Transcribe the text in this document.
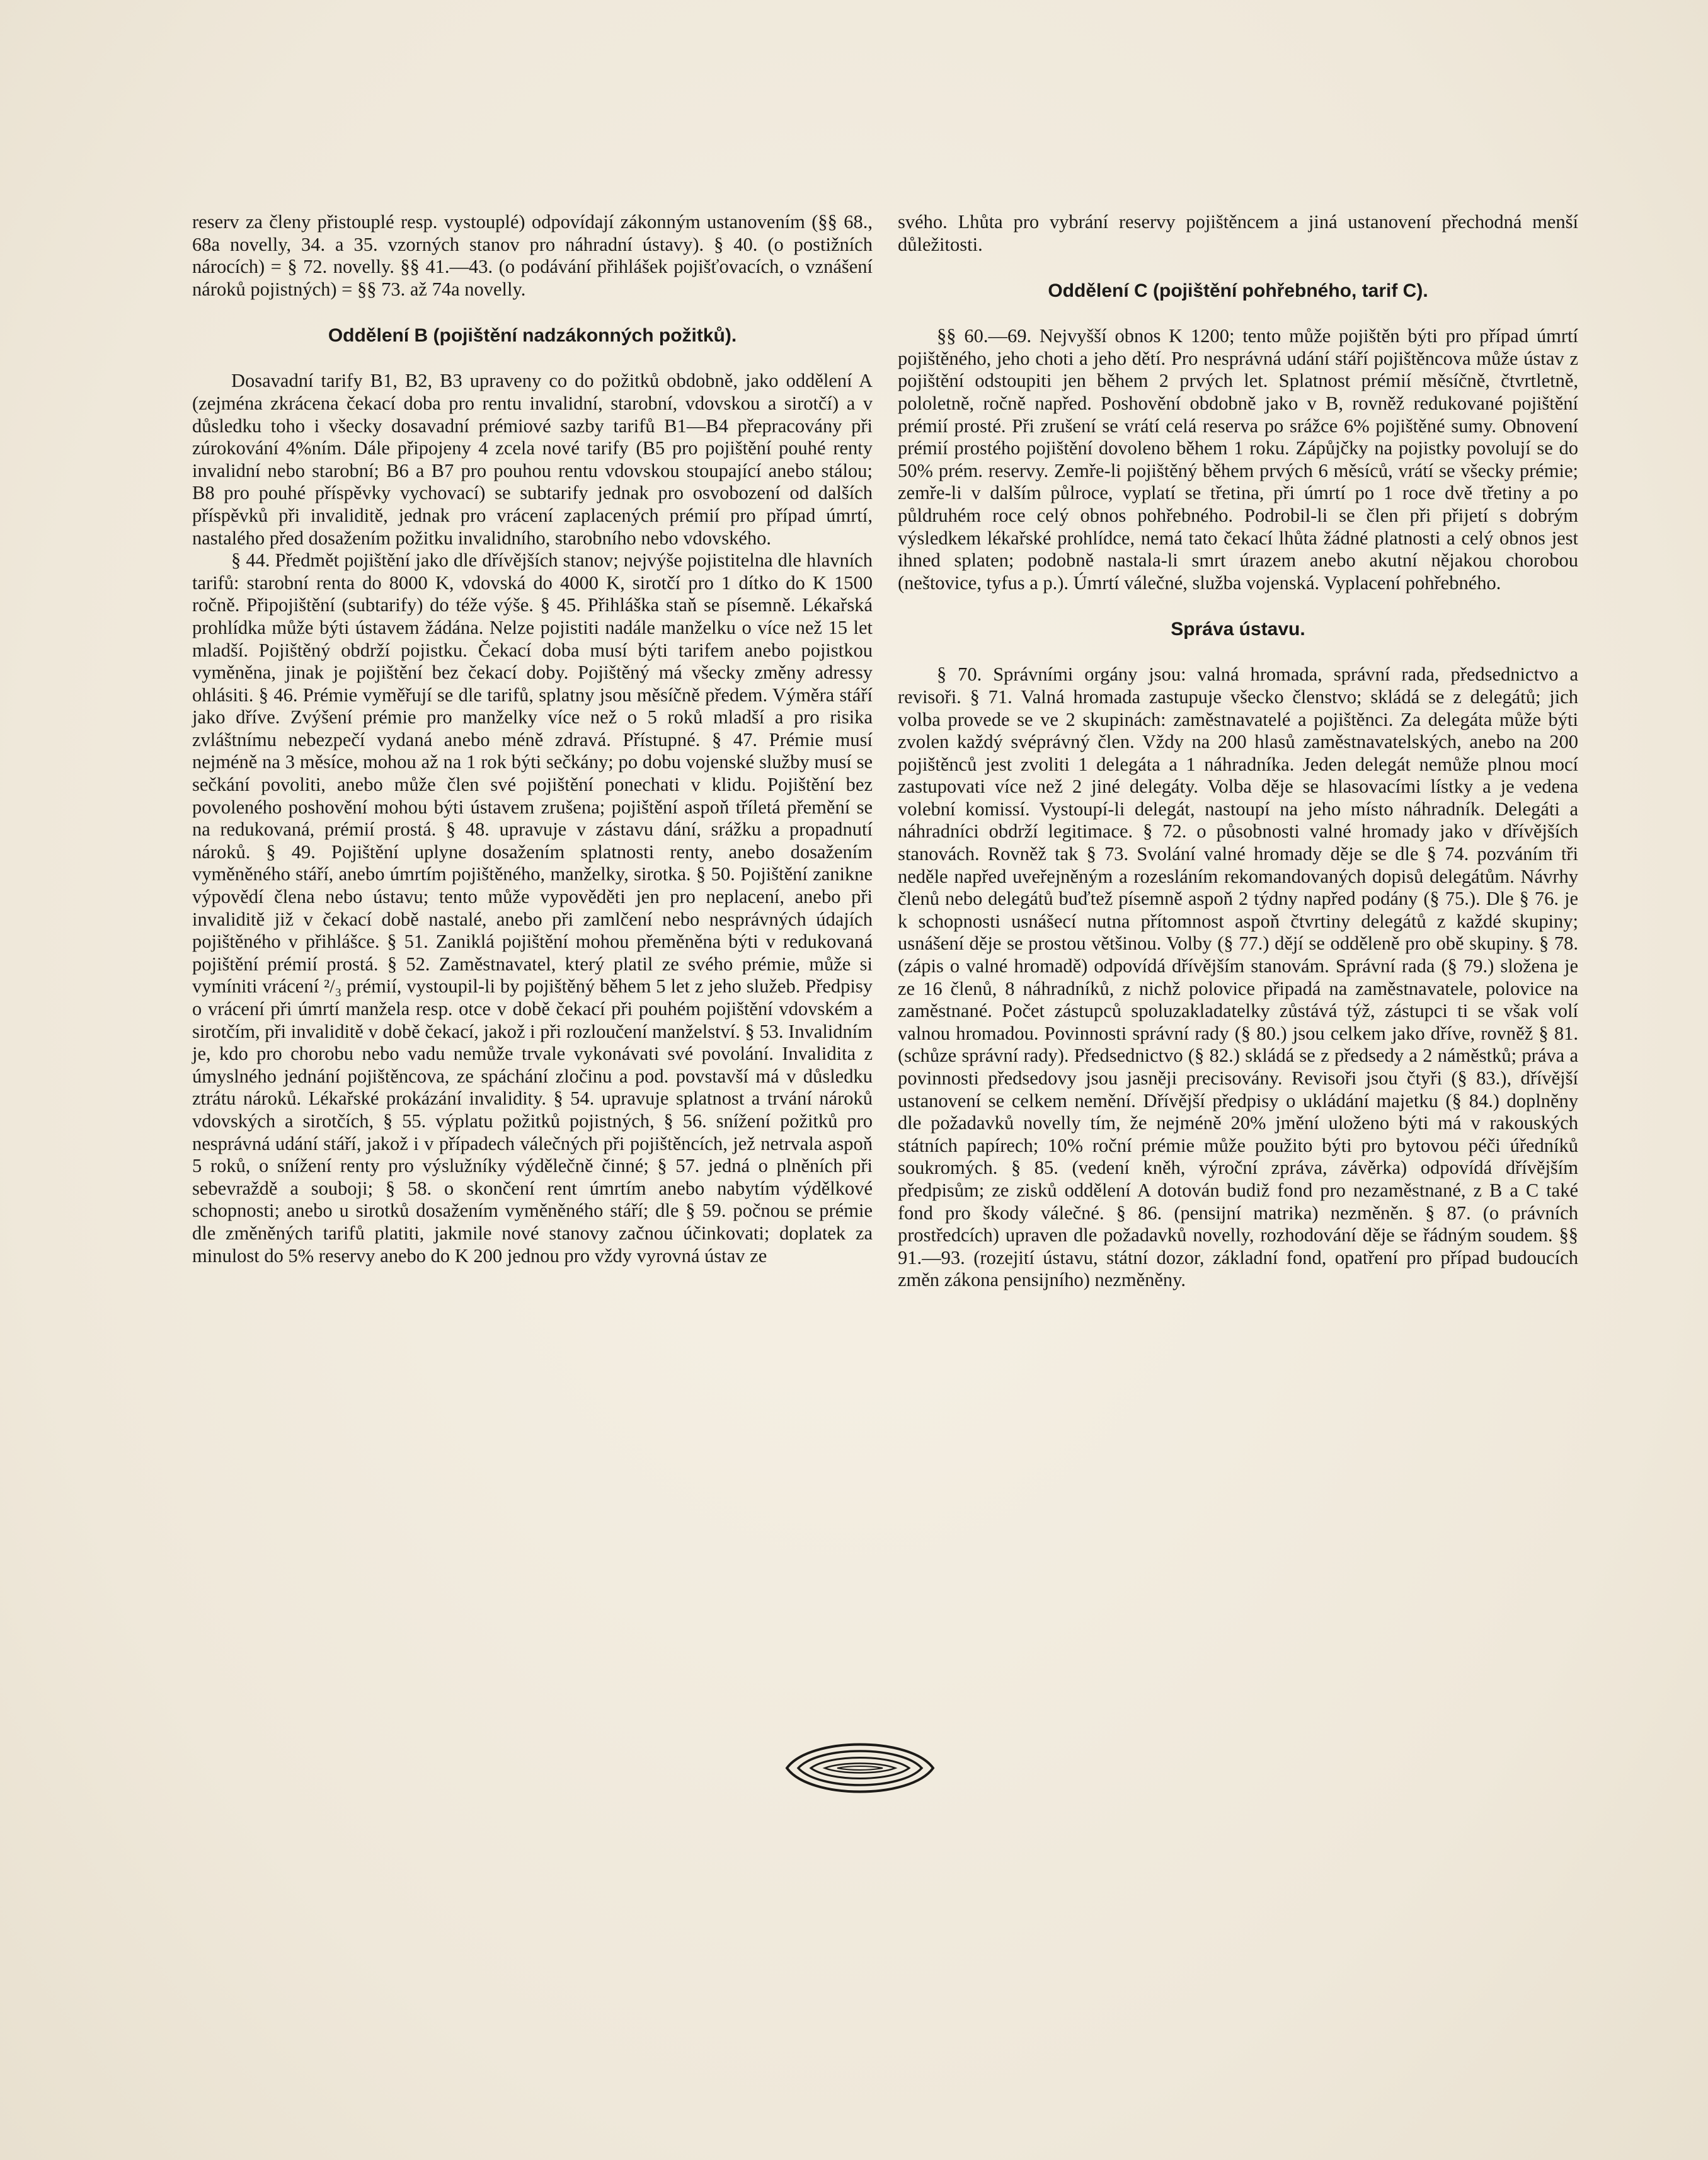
reserv za členy přistouplé resp. vystouplé) odpovídají zákonným ustanovením (§§ 68., 68a novelly, 34. a 35. vzorných stanov pro náhradní ústavy). § 40. (o postižních nárocích) = § 72. novelly. §§ 41.—43. (o podávání přihlášek pojišťovacích, o vznášení nároků pojistných) = §§ 73. až 74a novelly.

Oddělení B (pojištění nadzákonných požitků).

Dosavadní tarify B1, B2, B3 upraveny co do požitků obdobně, jako oddělení A (zejména zkrácena čekací doba pro rentu invalidní, starobní, vdovskou a sirotčí) a v důsledku toho i všecky dosavadní prémiové sazby tarifů B1—B4 přepracovány při zúrokování 4%ním. Dále připojeny 4 zcela nové tarify (B5 pro pojištění pouhé renty invalidní nebo starobní; B6 a B7 pro pouhou rentu vdovskou stoupající anebo stálou; B8 pro pouhé příspěvky vychovací) se subtarify jednak pro osvobození od dalších příspěvků při invaliditě, jednak pro vrácení zaplacených prémií pro případ úmrtí, nastalého před dosažením požitku invalidního, starobního nebo vdovského.

§ 44. Předmět pojištění jako dle dřívějších stanov; nejvýše pojistitelna dle hlavních tarifů: starobní renta do 8000 K, vdovská do 4000 K, sirotčí pro 1 dítko do K 1500 ročně. Připojištění (subtarify) do téže výše. § 45. Přihláška staň se písemně. Lékařská prohlídka může býti ústavem žádána. Nelze pojistiti nadále manželku o více než 15 let mladší. Pojištěný obdrží pojistku. Čekací doba musí býti tarifem anebo pojistkou vyměněna, jinak je pojištění bez čekací doby. Pojištěný má všecky změny adressy ohlásiti. § 46. Prémie vyměřují se dle tarifů, splatny jsou měsíčně předem. Výměra stáří jako dříve. Zvýšení prémie pro manželky více než o 5 roků mladší a pro risika zvláštnímu nebezpečí vydaná anebo méně zdravá. Přístupné. § 47. Prémie musí nejméně na 3 měsíce, mohou až na 1 rok býti sečkány; po dobu vojenské služby musí se sečkání povoliti, anebo může člen své pojištění ponechati v klidu. Pojištění bez povoleného poshovění mohou býti ústavem zrušena; pojištění aspoň tříletá přemění se na redukovaná, prémií prostá. § 48. upravuje v zástavu dání, srážku a propadnutí nároků. § 49. Pojištění uplyne dosažením splatnosti renty, anebo dosažením vyměněného stáří, anebo úmrtím pojištěného, manželky, sirotka. § 50. Pojištění zanikne výpovědí člena nebo ústavu; tento může vypověděti jen pro neplacení, anebo při invaliditě již v čekací době nastalé, anebo při zamlčení nebo nesprávných údajích pojištěného v přihlášce. § 51. Zaniklá pojištění mohou přeměněna býti v redukovaná pojištění prémií prostá. § 52. Zaměstnavatel, který platil ze svého prémie, může si vymíniti vrácení ²/₃ prémií, vystoupil-li by pojištěný během 5 let z jeho služeb. Předpisy o vrácení při úmrtí manžela resp. otce v době čekací při pouhém pojištění vdovském a sirotčím, při invaliditě v době čekací, jakož i při rozloučení manželství. § 53. Invalidním je, kdo pro chorobu nebo vadu nemůže trvale vykonávati své povolání. Invalidita z úmyslného jednání pojištěncova, ze spáchání zločinu a pod. povstavší má v důsledku ztrátu nároků. Lékařské prokázání invalidity. § 54. upravuje splatnost a trvání nároků vdovských a sirotčích, § 55. výplatu požitků pojistných, § 56. snížení požitků pro nesprávná udání stáří, jakož i v případech válečných při pojištěncích, jež netrvala aspoň 5 roků, o snížení renty pro výslužníky výdělečně činné; § 57. jedná o plněních při sebevraždě a souboji; § 58. o skončení rent úmrtím anebo nabytím výdělkové schopnosti; anebo u sirotků dosažením vyměněného stáří; dle § 59. počnou se prémie dle změněných tarifů platiti, jakmile nové stanovy začnou účinkovati; doplatek za minulost do 5% reservy anebo do K 200 jednou pro vždy vyrovná ústav ze

svého. Lhůta pro vybrání reservy pojištěncem a jiná ustanovení přechodná menší důležitosti.

Oddělení C (pojištění pohřebného, tarif C).

§§ 60.—69. Nejvyšší obnos K 1200; tento může pojištěn býti pro případ úmrtí pojištěného, jeho choti a jeho dětí. Pro nesprávná udání stáří pojištěncova může ústav z pojištění odstoupiti jen během 2 prvých let. Splatnost prémií měsíčně, čtvrtletně, pololetně, ročně napřed. Poshovění obdobně jako v B, rovněž redukované pojištění prémií prosté. Při zrušení se vrátí celá reserva po srážce 6% pojištěné sumy. Obnovení prémií prostého pojištění dovoleno během 1 roku. Zápůjčky na pojistky povolují se do 50% prém. reservy. Zemře-li pojištěný během prvých 6 měsíců, vrátí se všecky prémie; zemře-li v dalším půlroce, vyplatí se třetina, při úmrtí po 1 roce dvě třetiny a po půldruhém roce celý obnos pohřebného. Podrobil-li se člen při přijetí s dobrým výsledkem lékařské prohlídce, nemá tato čekací lhůta žádné platnosti a celý obnos jest ihned splaten; podobně nastala-li smrt úrazem anebo akutní nějakou chorobou (neštovice, tyfus a p.). Úmrtí válečné, služba vojenská. Vyplacení pohřebného.

Správa ústavu.

§ 70. Správními orgány jsou: valná hromada, správní rada, předsednictvo a revisoři. § 71. Valná hromada zastupuje všecko členstvo; skládá se z delegátů; jich volba provede se ve 2 skupinách: zaměstnavatelé a pojištěnci. Za delegáta může býti zvolen každý svéprávný člen. Vždy na 200 hlasů zaměstnavatelských, anebo na 200 pojištěnců jest zvoliti 1 delegáta a 1 náhradníka. Jeden delegát nemůže plnou mocí zastupovati více než 2 jiné delegáty. Volba děje se hlasovacími lístky a je vedena volební komissí. Vystoupí-li delegát, nastoupí na jeho místo náhradník. Delegáti a náhradníci obdrží legitimace. § 72. o působnosti valné hromady jako v dřívějších stanovách. Rovněž tak § 73. Svolání valné hromady děje se dle § 74. pozváním tři neděle napřed uveřejněným a rozesláním rekomandovaných dopisů delegátům. Návrhy členů nebo delegátů buďtež písemně aspoň 2 týdny napřed podány (§ 75.). Dle § 76. je k schopnosti usnášecí nutna přítomnost aspoň čtvrtiny delegátů z každé skupiny; usnášení děje se prostou většinou. Volby (§ 77.) dějí se odděleně pro obě skupiny. § 78. (zápis o valné hromadě) odpovídá dřívějším stanovám. Správní rada (§ 79.) složena je ze 16 členů, 8 náhradníků, z nichž polovice připadá na zaměstnavatele, polovice na zaměstnané. Počet zástupců spoluzakladatelky zůstává týž, zástupci ti se však volí valnou hromadou. Povinnosti správní rady (§ 80.) jsou celkem jako dříve, rovněž § 81. (schůze správní rady). Předsednictvo (§ 82.) skládá se z předsedy a 2 náměstků; práva a povinnosti předsedovy jsou jasněji precisovány. Revisoři jsou čtyři (§ 83.), dřívější ustanovení se celkem nemění. Dřívější předpisy o ukládání majetku (§ 84.) doplněny dle požadavků novelly tím, že nejméně 20% jmění uloženo býti má v rakouských státních papírech; 10% roční prémie může použito býti pro bytovou péči úředníků soukromých. § 85. (vedení kněh, výroční zpráva, závěrka) odpovídá dřívějším předpisům; ze zisků oddělení A dotován budiž fond pro nezaměstnané, z B a C také fond pro škody válečné. § 86. (pensijní matrika) nezměněn. § 87. (o právních prostředcích) upraven dle požadavků novelly, rozhodování děje se řádným soudem. §§ 91.—93. (rozejití ústavu, státní dozor, základní fond, opatření pro případ budoucích změn zákona pensijního) nezměněny.
